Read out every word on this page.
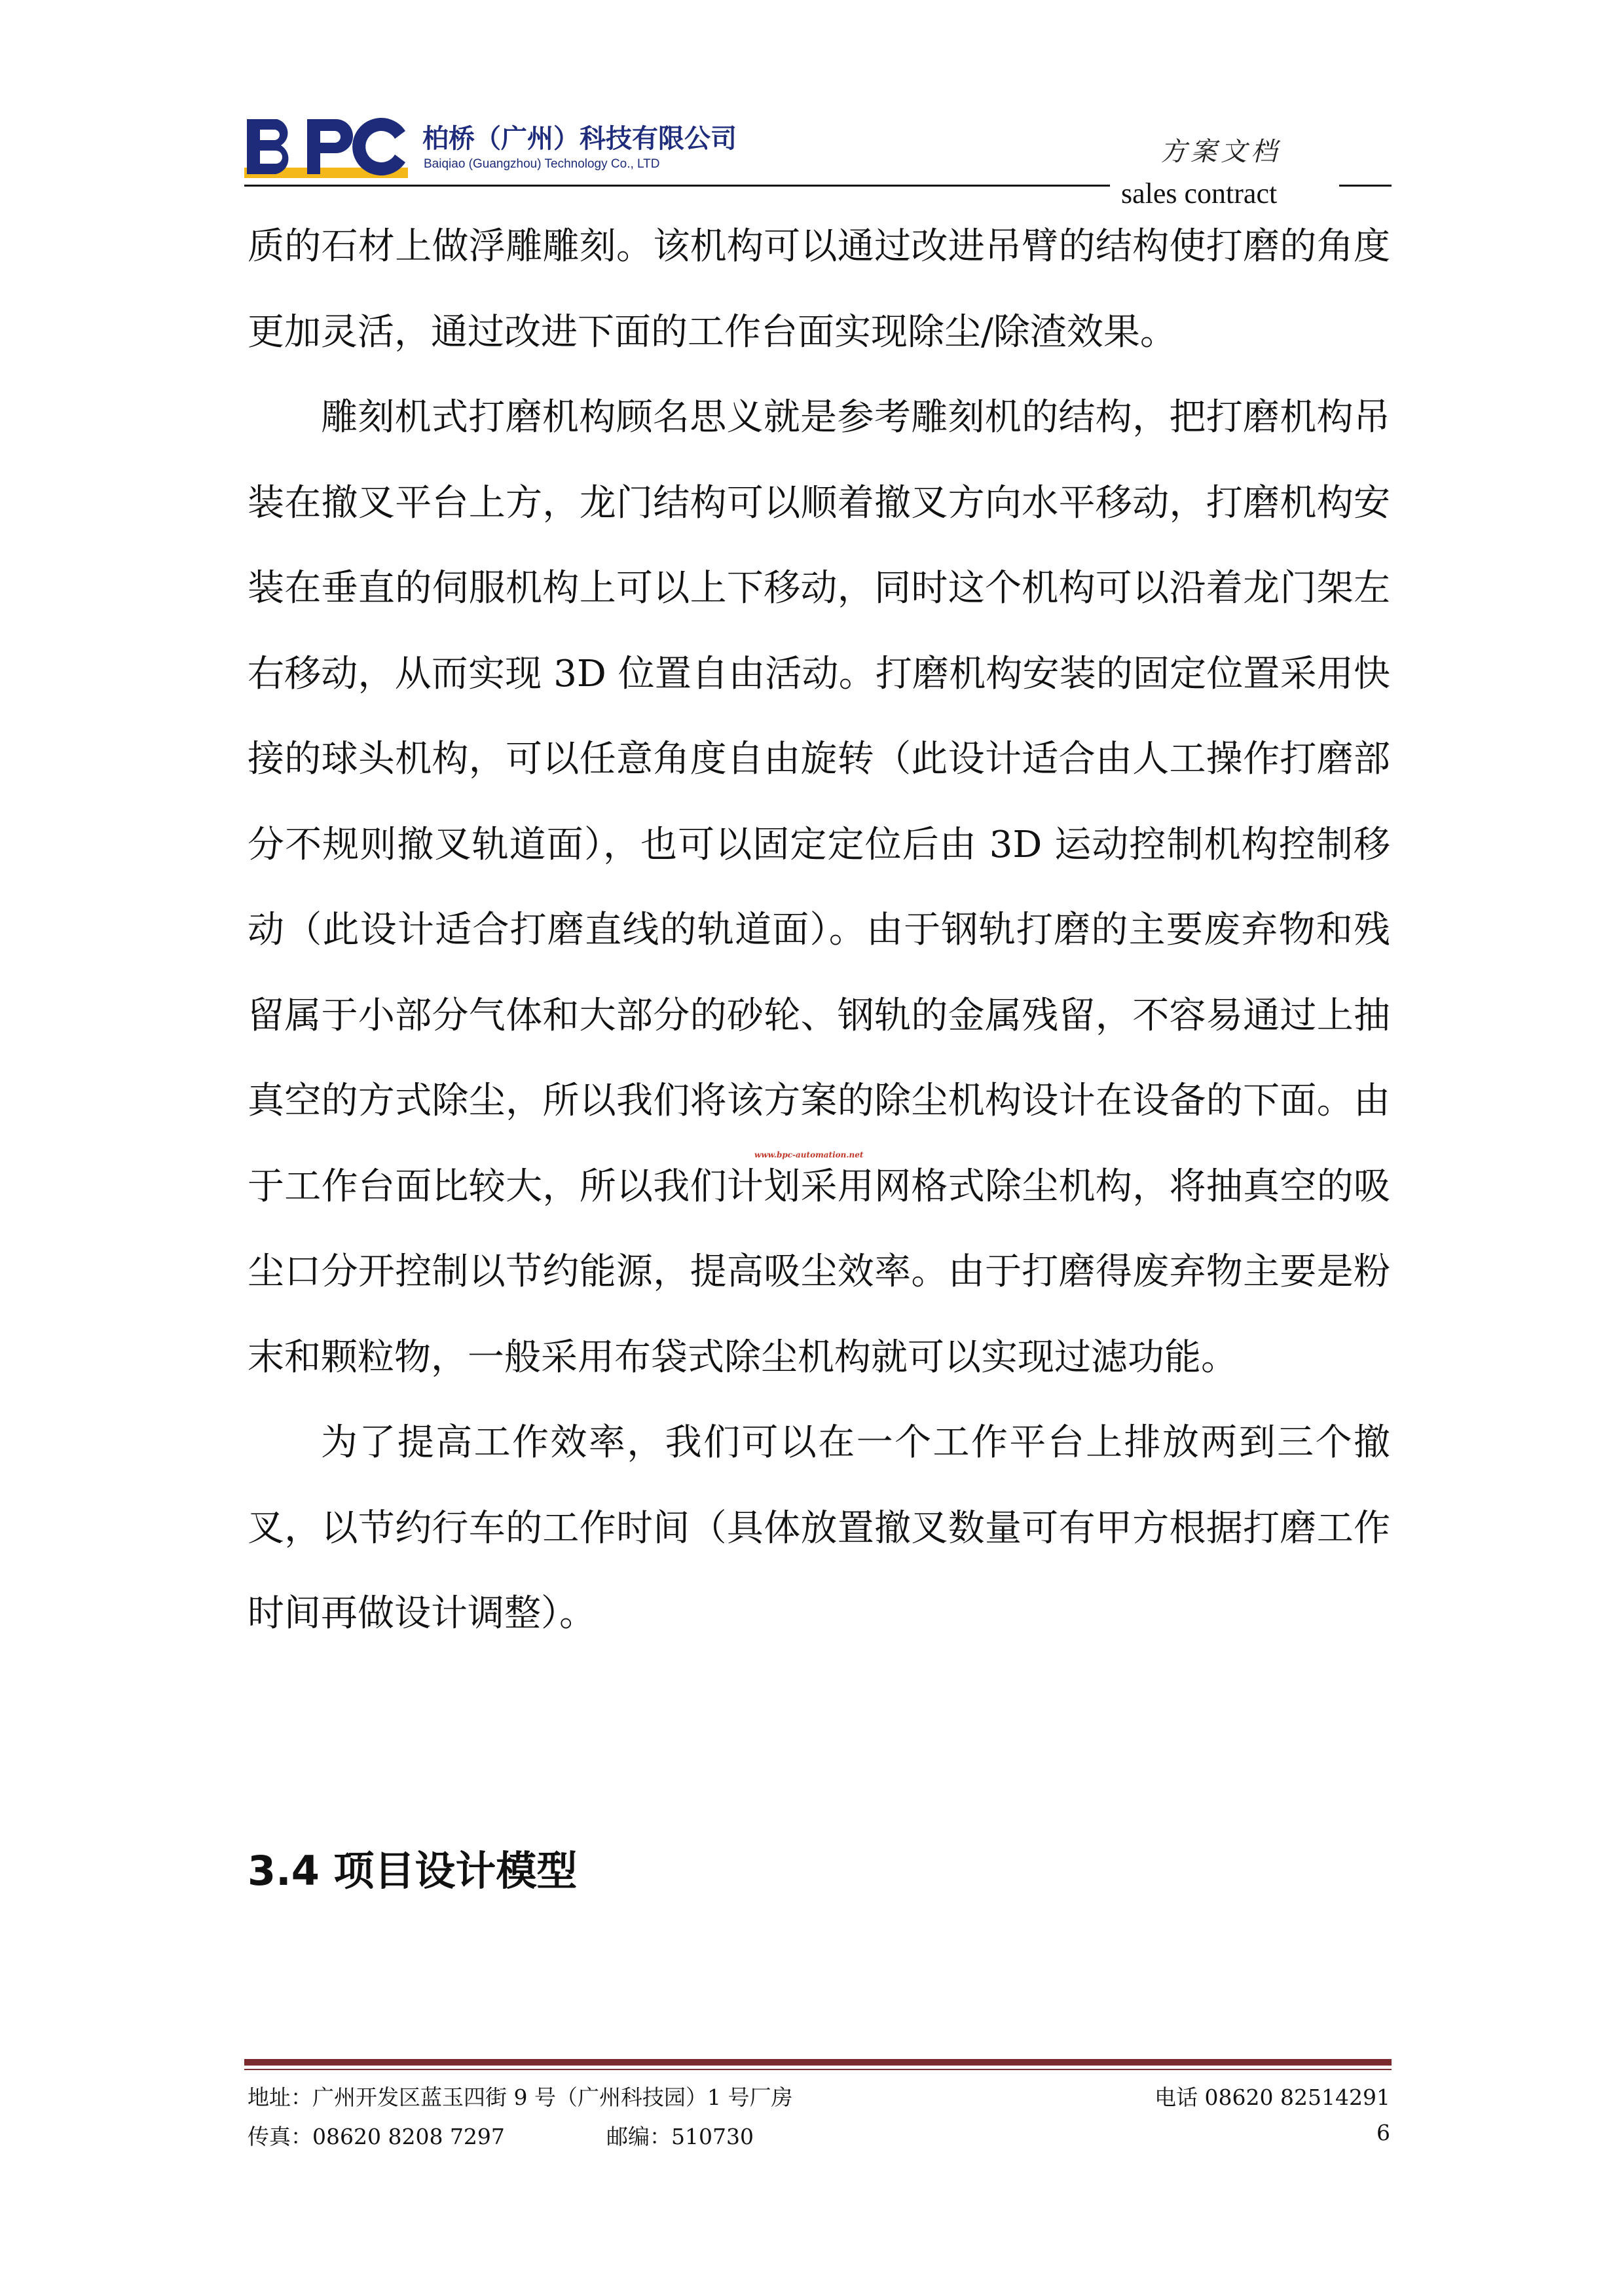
柏桥（广州）科技有限公司
Baiqiao (Guangzhou) Technology Co., LTD	方案文档
sales contract

质的石材上做浮雕雕刻。该机构可以通过改进吊臂的结构使打磨的角度更加灵活，通过改进下面的工作台面实现除尘/除渣效果。

雕刻机式打磨机构顾名思义就是参考雕刻机的结构，把打磨机构吊装在撤叉平台上方，龙门结构可以顺着撤叉方向水平移动，打磨机构安装在垂直的伺服机构上可以上下移动，同时这个机构可以沿着龙门架左右移动，从而实现 3D 位置自由活动。打磨机构安装的固定位置采用快接的球头机构，可以任意角度自由旋转（此设计适合由人工操作打磨部分不规则撤叉轨道面），也可以固定定位后由 3D 运动控制机构控制移动（此设计适合打磨直线的轨道面）。由于钢轨打磨的主要废弃物和残留属于小部分气体和大部分的砂轮、钢轨的金属残留，不容易通过上抽真空的方式除尘，所以我们将该方案的除尘机构设计在设备的下面。由于工作台面比较大，所以我们计划采用网格式除尘机构，将抽真空的吸尘口分开控制以节约能源，提高吸尘效率。由于打磨得废弃物主要是粉末和颗粒物，一般采用布袋式除尘机构就可以实现过滤功能。

为了提高工作效率，我们可以在一个工作平台上排放两到三个撤叉，以节约行车的工作时间（具体放置撤叉数量可有甲方根据打磨工作时间再做设计调整）。

www.bpc-automation.net
3.4 项目设计模型
地址：广州开发区蓝玉四街 9 号（广州科技园）1 号厂房	电话 08620 82514291
传真：08620 8208 7297	邮编：510730	6
